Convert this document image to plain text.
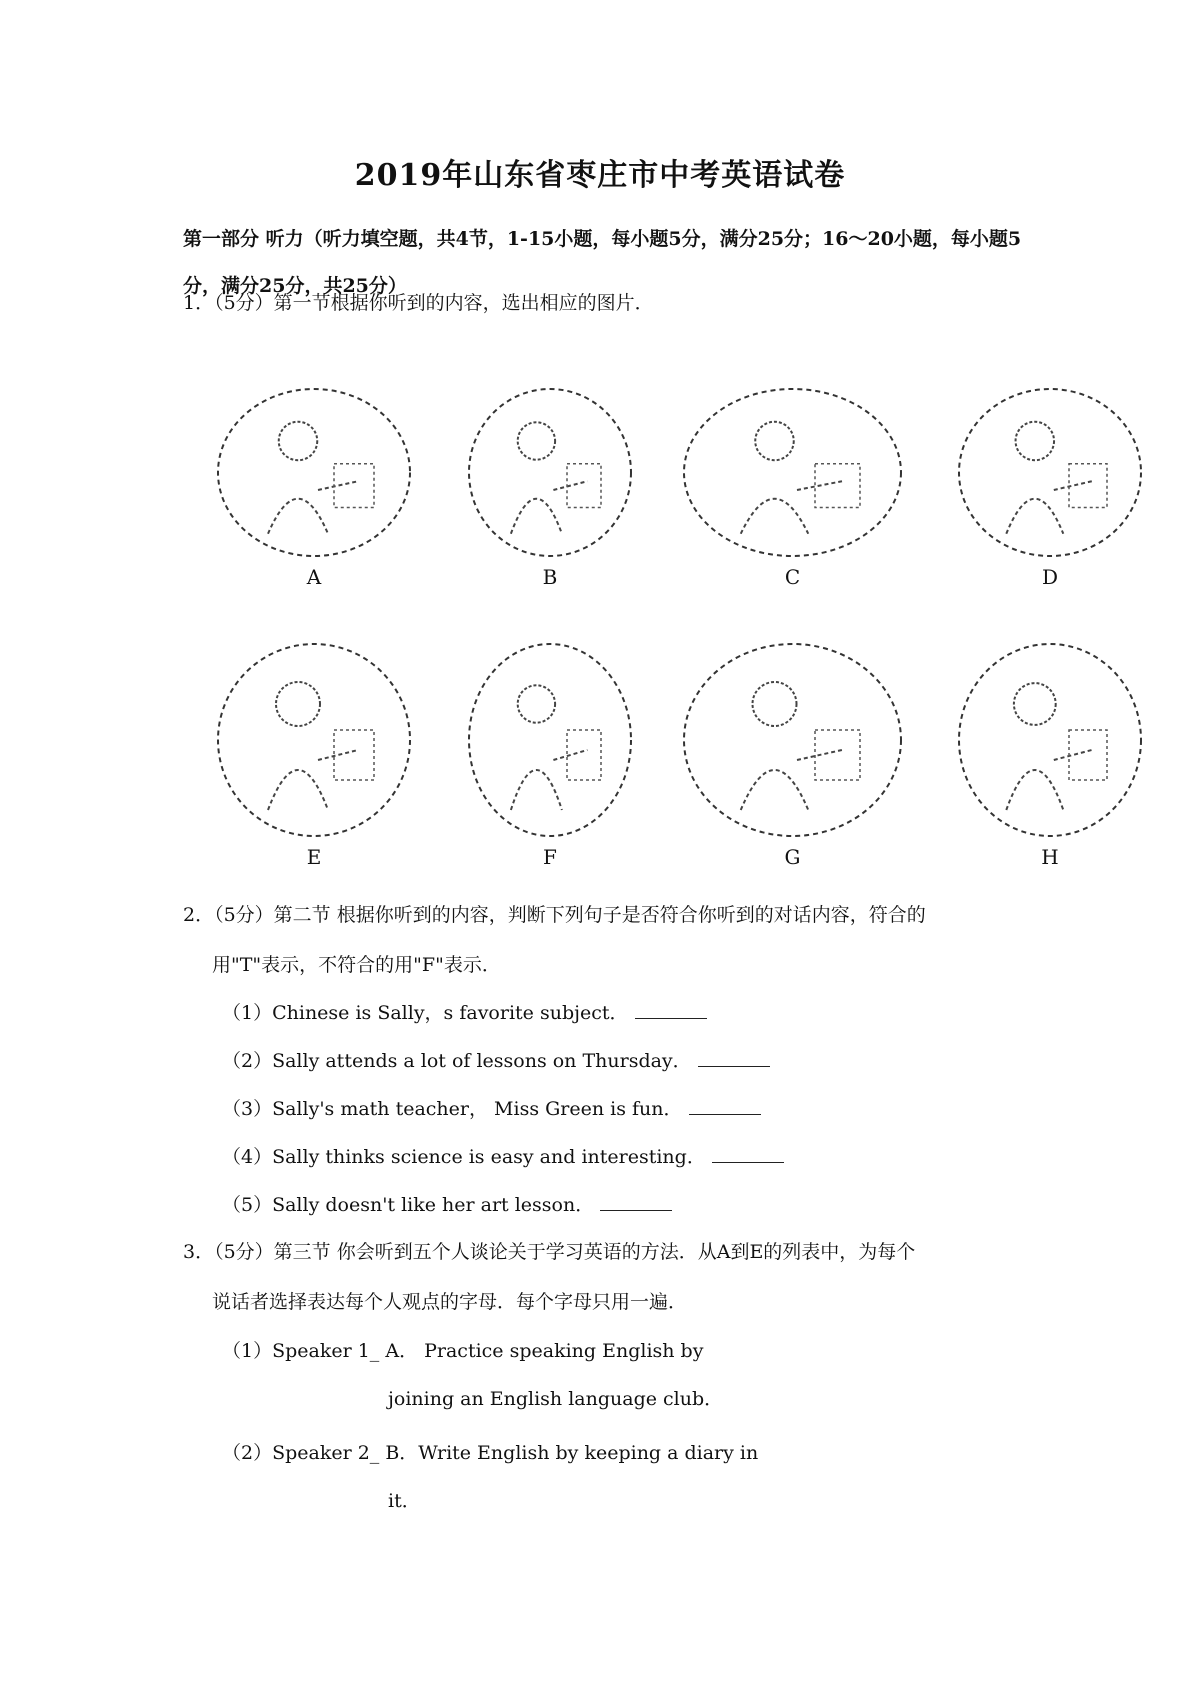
2019年山东省枣庄市中考英语试卷
第一部分 听力（听力填空题，共4节，1-15小题，每小题5分，满分25分；16～20小题，每小题5分，满分25分，共25分）
1．（5分）第一节根据你听到的内容，选出相应的图片．
A	B	C	D
E	F	G	H
2．（5分）第二节 根据你听到的内容，判断下列句子是否符合你听到的对话内容，符合的
用"T"表示，不符合的用"F"表示．
（1）Chinese is Sally，s favorite subject．
（2）Sally attends a lot of lessons on Thursday．
（3）Sally's math teacher， Miss Green is fun．
（4）Sally thinks science is easy and interesting．
（5）Sally doesn't like her art lesson．
3．（5分）第三节 你会听到五个人谈论关于学习英语的方法．从A到E的列表中，为每个
说话者选择表达每个人观点的字母．每个字母只用一遍．
（1）Speaker 1_ A． Practice speaking English by
joining an English language club．
（2）Speaker 2_ B．Write English by keeping a diary in
it．
